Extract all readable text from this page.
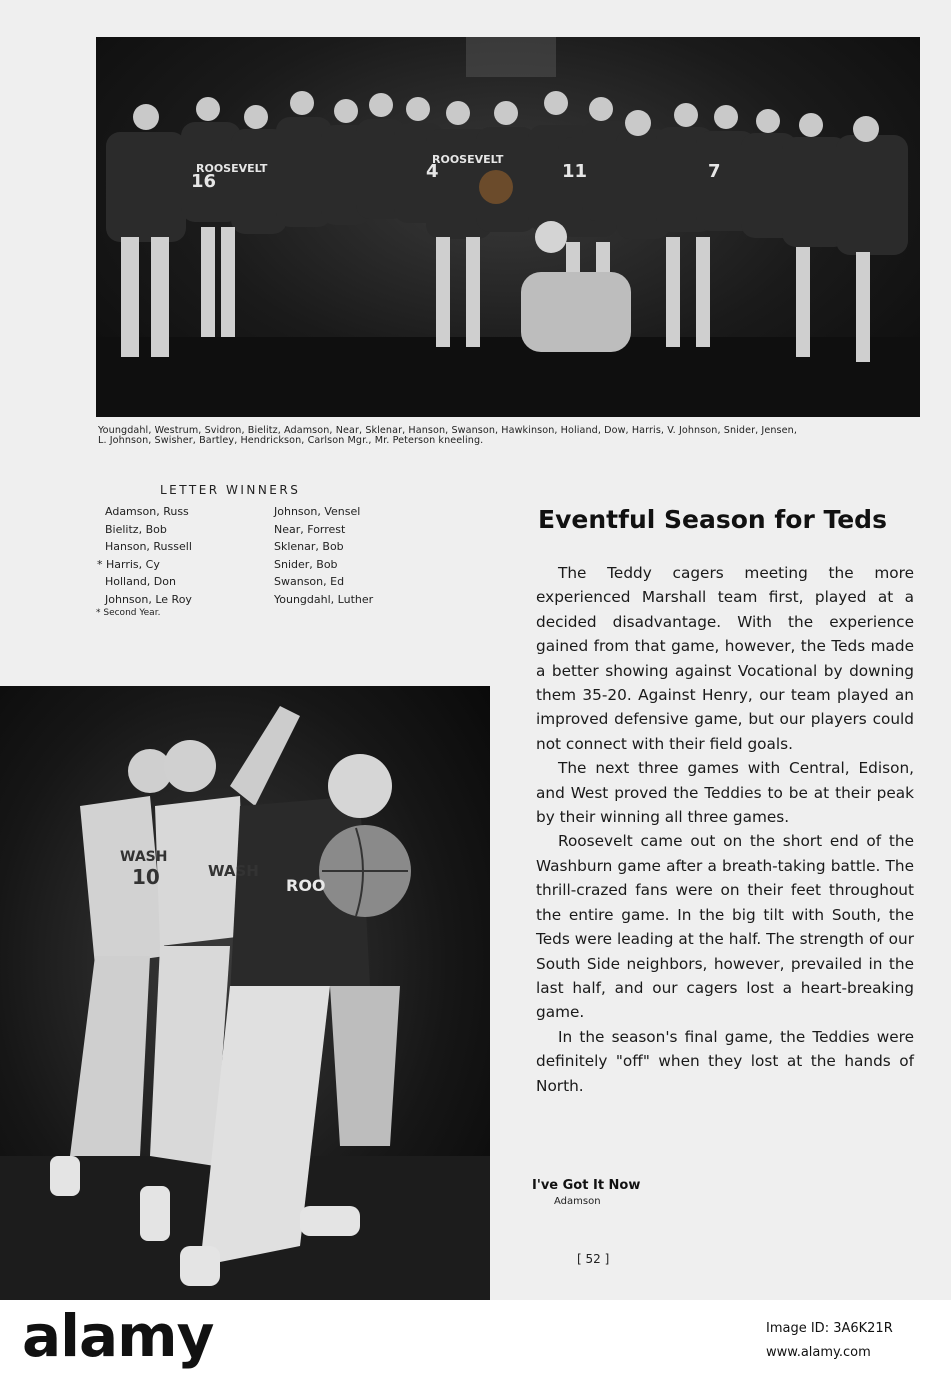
ROOSEVELT
16
ROOSEVELT
4	11	7
Youngdahl, Westrum, Svidron, Bielitz, Adamson, Near, Sklenar, Hanson, Swanson, Hawkinson, Holiand, Dow, Harris, V. Johnson, Snider, Jensen,
L. Johnson, Swisher, Bartley, Hendrickson, Carlson Mgr., Mr. Peterson kneeling.
LETTER WINNERS
Adamson, Russ
Bielitz, Bob
Hanson, Russell
* Harris, Cy
Holland, Don
Johnson, Le Roy
Johnson, Vensel
Near, Forrest
Sklenar, Bob
Snider, Bob
Swanson, Ed
Youngdahl, Luther
* Second Year.
Eventful Season for Teds

The Teddy cagers meeting the more experienced Marshall team first, played at a decided disadvantage. With the experience gained from that game, however, the Teds made a better showing against Vocational by downing them 35-20. Against Henry, our team played an improved defensive game, but our players could not connect with their field goals.

The next three games with Central, Edison, and West proved the Teddies to be at their peak by their winning all three games.

Roosevelt came out on the short end of the Washburn game after a breath-taking battle. The thrill-crazed fans were on their feet throughout the entire game. In the big tilt with South, the Teds were leading at the half. The strength of our South Side neighbors, however, prevailed in the last half, and our cagers lost a heart-breaking game.

In the season's final game, the Teddies were definitely "off" when they lost at the hands of North.

WASH
10	WASH
ROO
I've Got It Now
Adamson
[ 52 ]
alamy	Image ID: 3A6K21R
www.alamy.com
